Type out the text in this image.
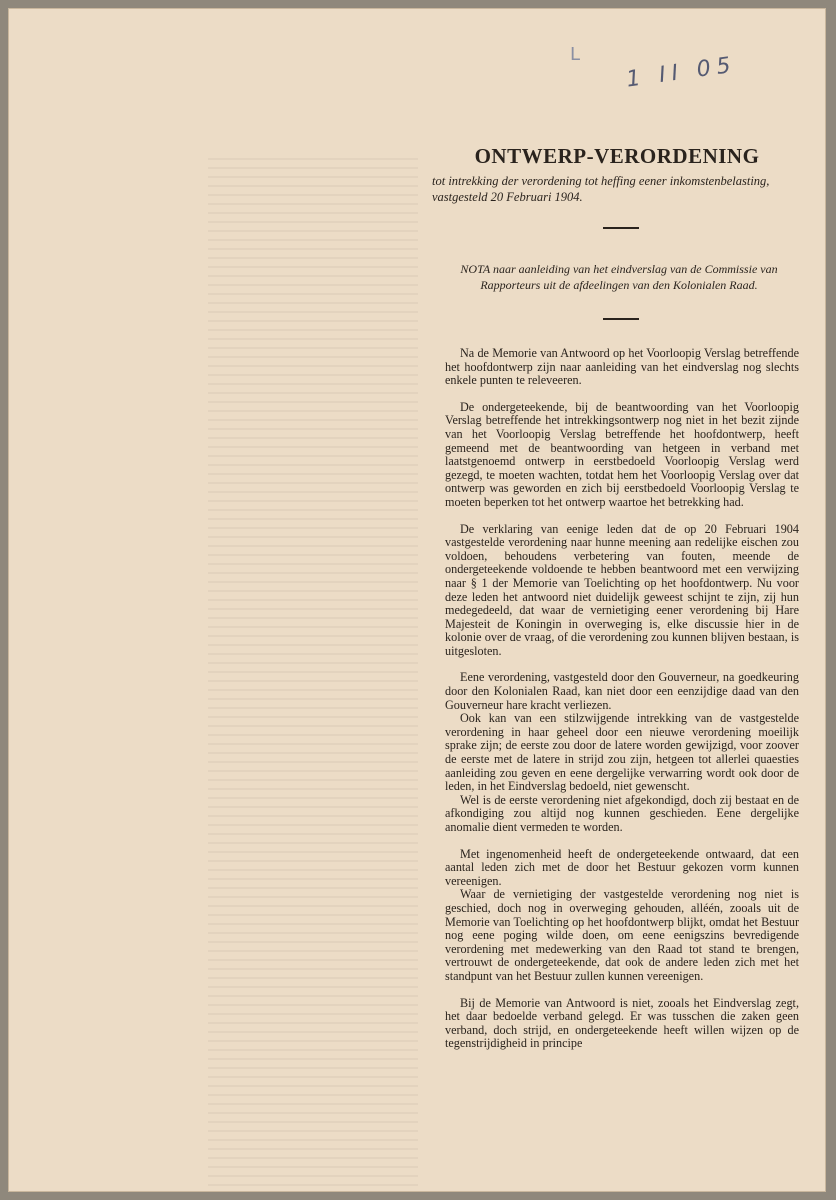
L	1 II 05
ONTWERP-VERORDENING
tot intrekking der verordening tot heffing eener inkomstenbelasting, vastgesteld 20 Februari 1904.
NOTA naar aanleiding van het eindverslag van de Commissie van Rapporteurs uit de afdeelingen van den Kolonialen Raad.

Na de Memorie van Antwoord op het Voorloopig Verslag betreffende het hoofdontwerp zijn naar aanleiding van het eindverslag nog slechts enkele punten te releveeren.

De ondergeteekende, bij de beantwoording van het Voorloopig Verslag betreffende het intrekkingsontwerp nog niet in het bezit zijnde van het Voorloopig Verslag betreffende het hoofdontwerp, heeft gemeend met de beantwoording van hetgeen in verband met laatstgenoemd ontwerp in eerstbedoeld Voorloopig Verslag werd gezegd, te moeten wachten, totdat hem het Voorloopig Verslag over dat ontwerp was geworden en zich bij eerstbedoeld Voorloopig Verslag te moeten beperken tot het ontwerp waartoe het betrekking had.

De verklaring van eenige leden dat de op 20 Februari 1904 vastgestelde verordening naar hunne meening aan redelijke eischen zou voldoen, behoudens verbetering van fouten, meende de ondergeteekende voldoende te hebben beantwoord met een verwijzing naar § 1 der Memorie van Toelichting op het hoofdontwerp. Nu voor deze leden het antwoord niet duidelijk geweest schijnt te zijn, zij hun medegedeeld, dat waar de vernietiging eener verordening bij Hare Majesteit de Koningin in overweging is, elke discussie hier in de kolonie over de vraag, of die verordening zou kunnen blijven bestaan, is uitgesloten.

Eene verordening, vastgesteld door den Gouverneur, na goedkeuring door den Kolonialen Raad, kan niet door een eenzijdige daad van den Gouverneur hare kracht verliezen.

Ook kan van een stilzwijgende intrekking van de vastgestelde verordening in haar geheel door een nieuwe verordening moeilijk sprake zijn; de eerste zou door de latere worden gewijzigd, voor zoover de eerste met de latere in strijd zou zijn, hetgeen tot allerlei quaesties aanleiding zou geven en eene dergelijke verwarring wordt ook door de leden, in het Eindverslag bedoeld, niet gewenscht.

Wel is de eerste verordening niet afgekondigd, doch zij bestaat en de afkondiging zou altijd nog kunnen geschieden. Eene dergelijke anomalie dient vermeden te worden.

Met ingenomenheid heeft de ondergeteekende ontwaard, dat een aantal leden zich met de door het Bestuur gekozen vorm kunnen vereenigen.

Waar de vernietiging der vastgestelde verordening nog niet is geschied, doch nog in overweging gehouden, alléén, zooals uit de Memorie van Toelichting op het hoofdontwerp blijkt, omdat het Bestuur nog eene poging wilde doen, om eene eenigszins bevredigende verordening met medewerking van den Raad tot stand te brengen, vertrouwt de ondergeteekende, dat ook de andere leden zich met het standpunt van het Bestuur zullen kunnen vereenigen.

Bij de Memorie van Antwoord is niet, zooals het Eindverslag zegt, het daar bedoelde verband gelegd. Er was tusschen die zaken geen verband, doch strijd, en ondergeteekende heeft willen wijzen op de tegenstrijdigheid in principe
